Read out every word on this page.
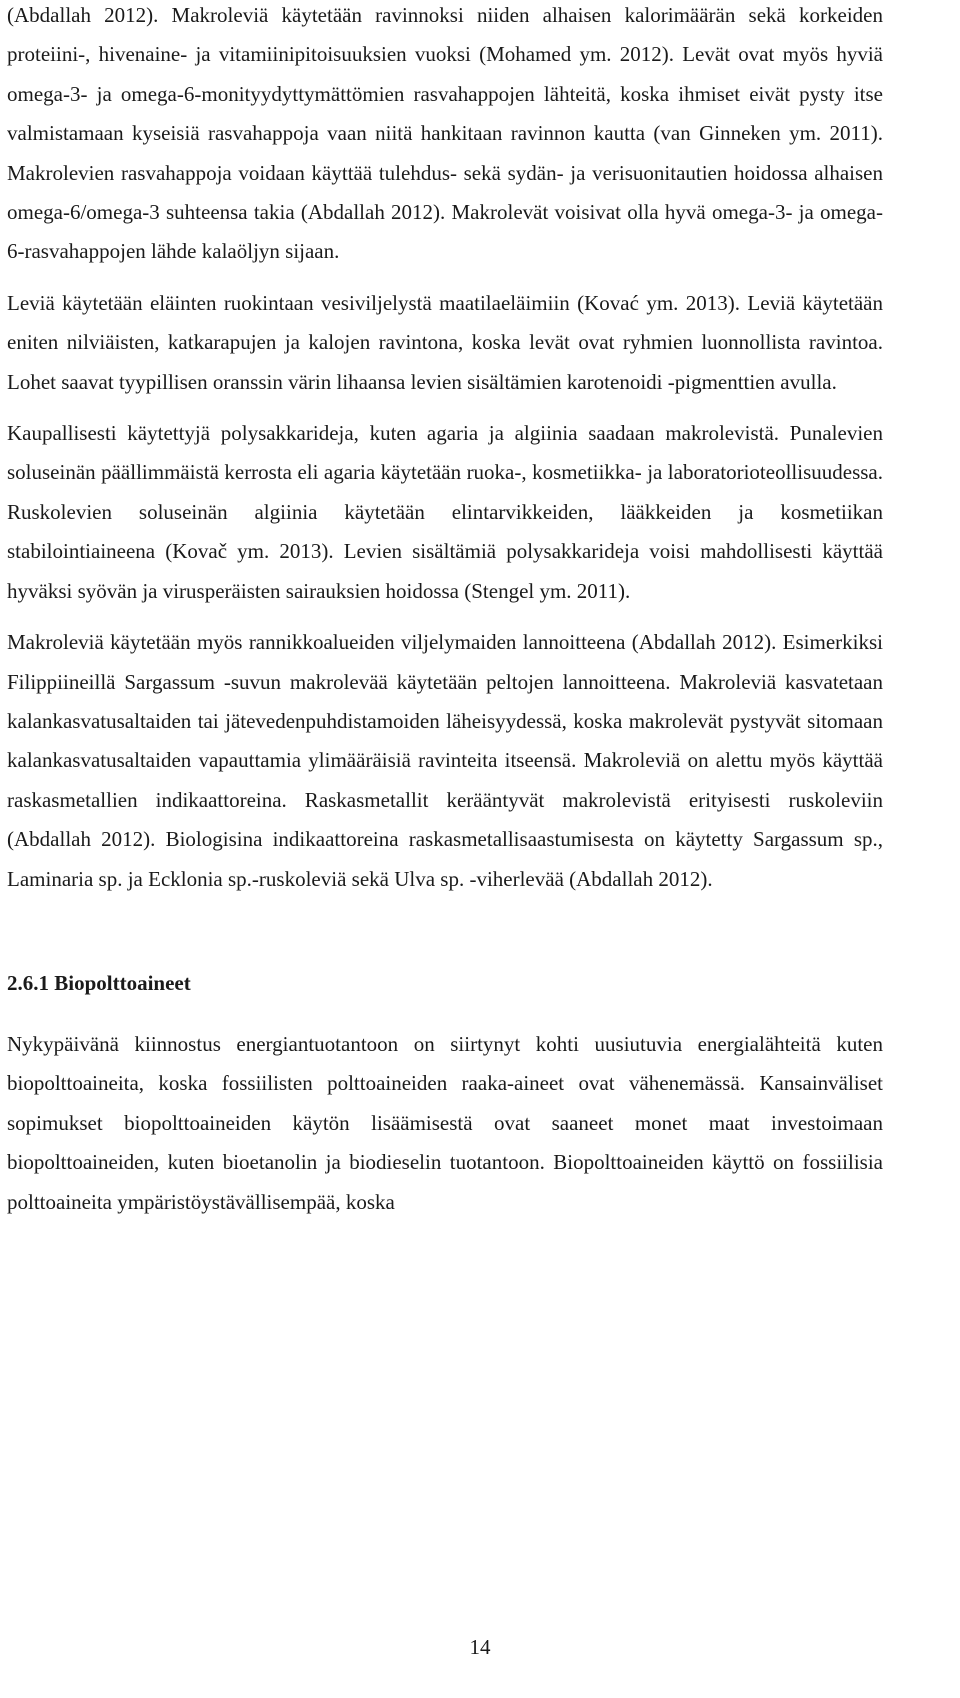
(Abdallah 2012). Makroleviä käytetään ravinnoksi niiden alhaisen kalorimäärän sekä korkeiden proteiini-, hivenaine- ja vitamiinipitoisuuksien vuoksi (Mohamed ym. 2012). Levät ovat myös hyviä omega-3- ja omega-6-monityydyttymättömien rasvahappojen lähteitä, koska ihmiset eivät pysty itse valmistamaan kyseisiä rasvahappoja vaan niitä hankitaan ravinnon kautta (van Ginneken ym. 2011). Makrolevien rasvahappoja voidaan käyttää tulehdus- sekä sydän- ja verisuonitautien hoidossa alhaisen omega-6/omega-3 suhteensa takia (Abdallah 2012). Makrolevät voisivat olla hyvä omega-3- ja omega-6-rasvahappojen lähde kalaöljyn sijaan.

Leviä käytetään eläinten ruokintaan vesiviljelystä maatilaeläimiin (Kovać ym. 2013). Leviä käytetään eniten nilviäisten, katkarapujen ja kalojen ravintona, koska levät ovat ryhmien luonnollista ravintoa. Lohet saavat tyypillisen oranssin värin lihaansa levien sisältämien karotenoidi -pigmenttien avulla.

Kaupallisesti käytettyjä polysakkarideja, kuten agaria ja algiinia saadaan makrolevistä. Punalevien soluseinän päällimmäistä kerrosta eli agaria käytetään ruoka-, kosmetiikka- ja laboratorioteollisuudessa. Ruskolevien soluseinän algiinia käytetään elintarvikkeiden, lääkkeiden ja kosmetiikan stabilointiaineena (Kovač ym. 2013). Levien sisältämiä polysakkarideja voisi mahdollisesti käyttää hyväksi syövän ja virusperäisten sairauksien hoidossa (Stengel ym. 2011).

Makroleviä käytetään myös rannikkoalueiden viljelymaiden lannoitteena (Abdallah 2012). Esimerkiksi Filippiineillä Sargassum -suvun makrolevää käytetään peltojen lannoitteena. Makroleviä kasvatetaan kalankasvatusaltaiden tai jätevedenpuhdistamoiden läheisyydessä, koska makrolevät pystyvät sitomaan kalankasvatusaltaiden vapauttamia ylimääräisiä ravinteita itseensä. Makroleviä on alettu myös käyttää raskasmetallien indikaattoreina. Raskasmetallit kerääntyvät makrolevistä erityisesti ruskoleviin (Abdallah 2012). Biologisina indikaattoreina raskasmetallisaastumisesta on käytetty Sargassum sp., Laminaria sp. ja Ecklonia sp.-ruskoleviä sekä Ulva sp. -viherlevää (Abdallah 2012).

2.6.1 Biopolttoaineet

Nykypäivänä kiinnostus energiantuotantoon on siirtynyt kohti uusiutuvia energialähteitä kuten biopolttoaineita, koska fossiilisten polttoaineiden raaka-aineet ovat vähenemässä. Kansainväliset sopimukset biopolttoaineiden käytön lisäämisestä ovat saaneet monet maat investoimaan biopolttoaineiden, kuten bioetanolin ja biodieselin tuotantoon. Biopolttoaineiden käyttö on fossiilisia polttoaineita ympäristöystävällisempää, koska

14
